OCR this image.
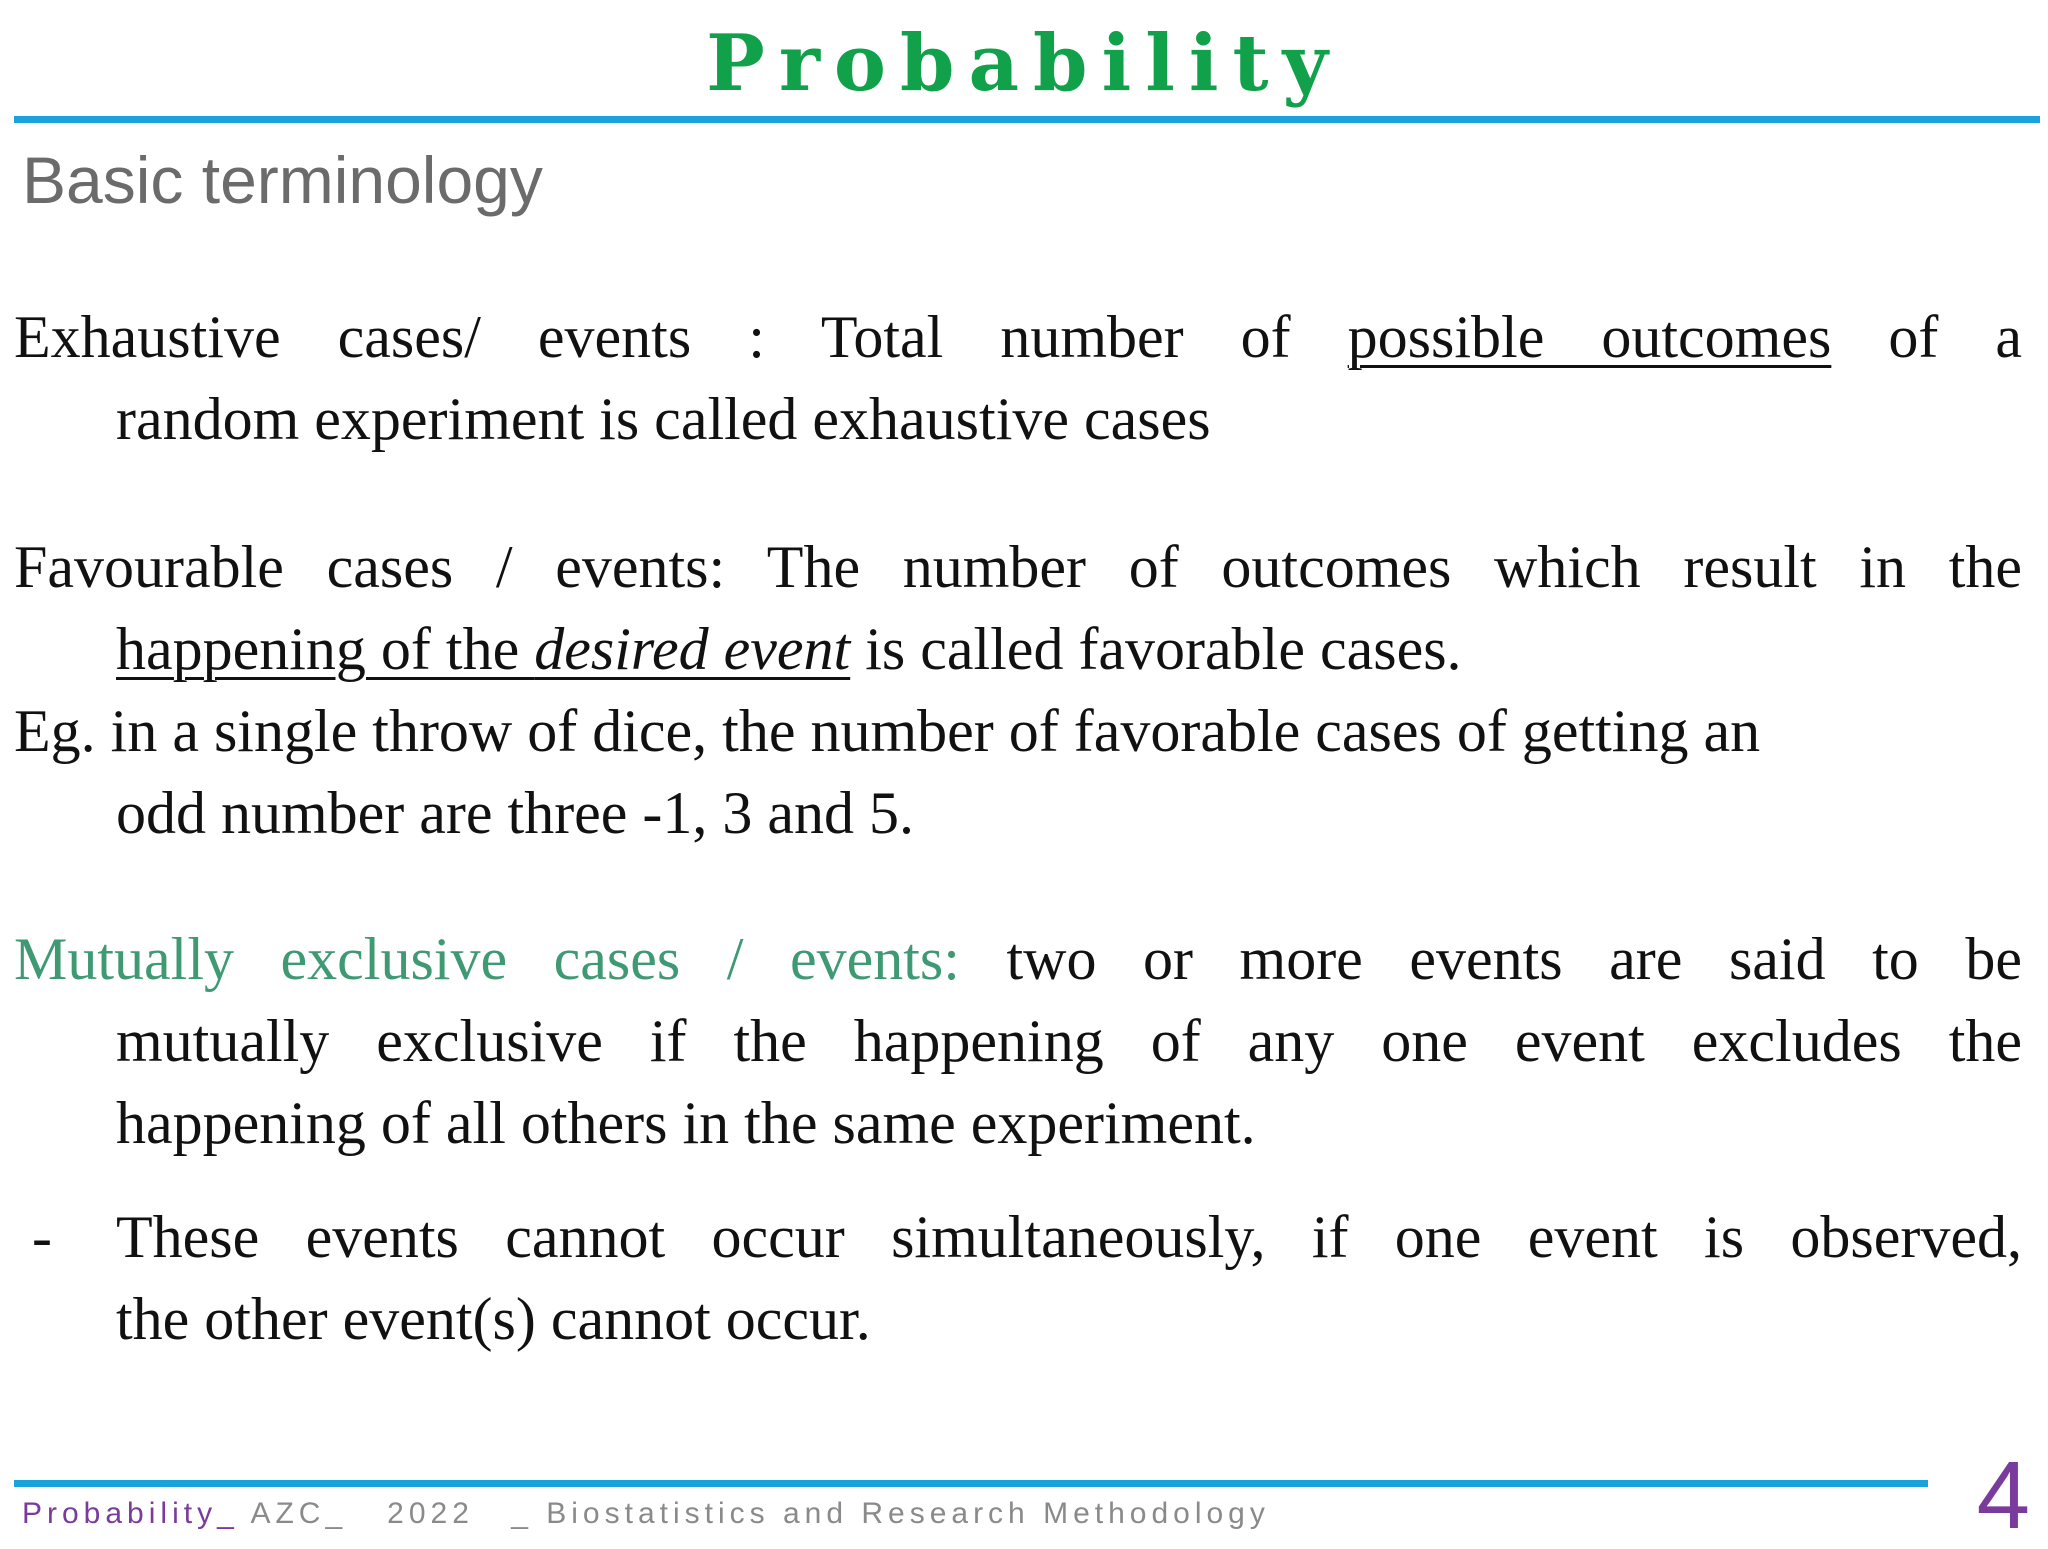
Probability
Basic terminology
Exhaustive cases/ events : Total number of possible outcomes of a
random experiment is called exhaustive cases
Favourable cases / events: The number of outcomes which result in the
happening of the desired event is called favorable cases.
Eg. in a single throw of dice, the number of favorable cases of getting an
odd number are three -1, 3 and 5.
Mutually exclusive cases / events: two or more events are said to be
mutually exclusive if the happening of any one event excludes the
happening of all others in the same experiment.
-	These events cannot occur simultaneously, if one event is observed,
the other event(s) cannot occur.
Probability_ AZC_ 2022 _ Biostatistics and Research Methodology	4
